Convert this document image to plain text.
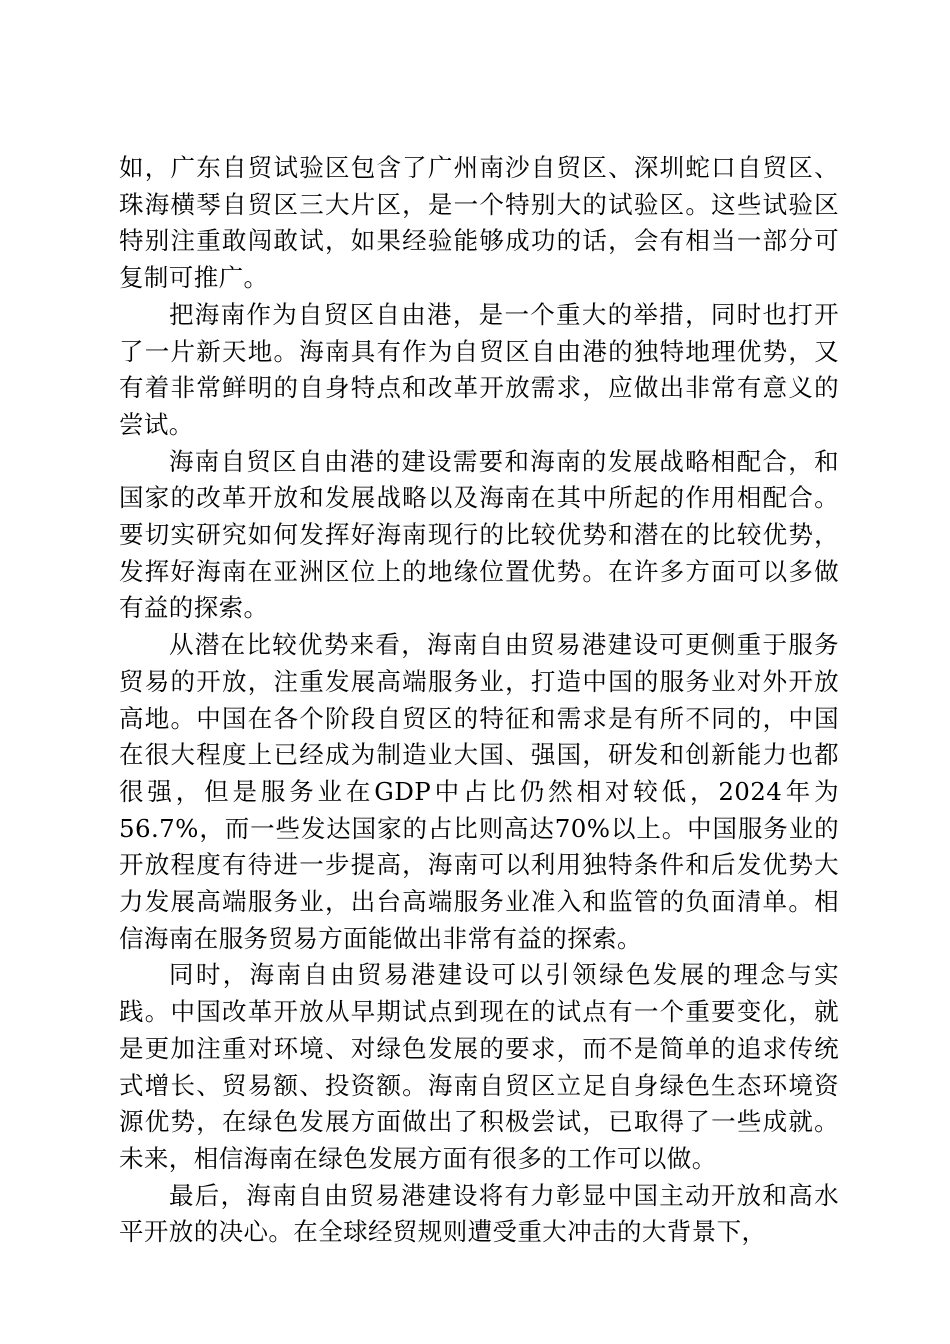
如，广东自贸试验区包含了广州南沙自贸区、深圳蛇口自贸区、珠海横琴自贸区三大片区，是一个特别大的试验区。这些试验区特别注重敢闯敢试，如果经验能够成功的话，会有相当一部分可复制可推广。

把海南作为自贸区自由港，是一个重大的举措，同时也打开了一片新天地。海南具有作为自贸区自由港的独特地理优势，又有着非常鲜明的自身特点和改革开放需求，应做出非常有意义的尝试。

海南自贸区自由港的建设需要和海南的发展战略相配合，和国家的改革开放和发展战略以及海南在其中所起的作用相配合。要切实研究如何发挥好海南现行的比较优势和潜在的比较优势，发挥好海南在亚洲区位上的地缘位置优势。在许多方面可以多做有益的探索。

从潜在比较优势来看，海南自由贸易港建设可更侧重于服务贸易的开放，注重发展高端服务业，打造中国的服务业对外开放高地。中国在各个阶段自贸区的特征和需求是有所不同的，中国在很大程度上已经成为制造业大国、强国，研发和创新能力也都很强，但是服务业在GDP中占比仍然相对较低，2024年为56.7%，而一些发达国家的占比则高达70%以上。中国服务业的开放程度有待进一步提高，海南可以利用独特条件和后发优势大力发展高端服务业，出台高端服务业准入和监管的负面清单。相信海南在服务贸易方面能做出非常有益的探索。

同时，海南自由贸易港建设可以引领绿色发展的理念与实践。中国改革开放从早期试点到现在的试点有一个重要变化，就是更加注重对环境、对绿色发展的要求，而不是简单的追求传统式增长、贸易额、投资额。海南自贸区立足自身绿色生态环境资源优势，在绿色发展方面做出了积极尝试，已取得了一些成就。未来，相信海南在绿色发展方面有很多的工作可以做。

最后，海南自由贸易港建设将有力彰显中国主动开放和高水平开放的决心。在全球经贸规则遭受重大冲击的大背景下，
